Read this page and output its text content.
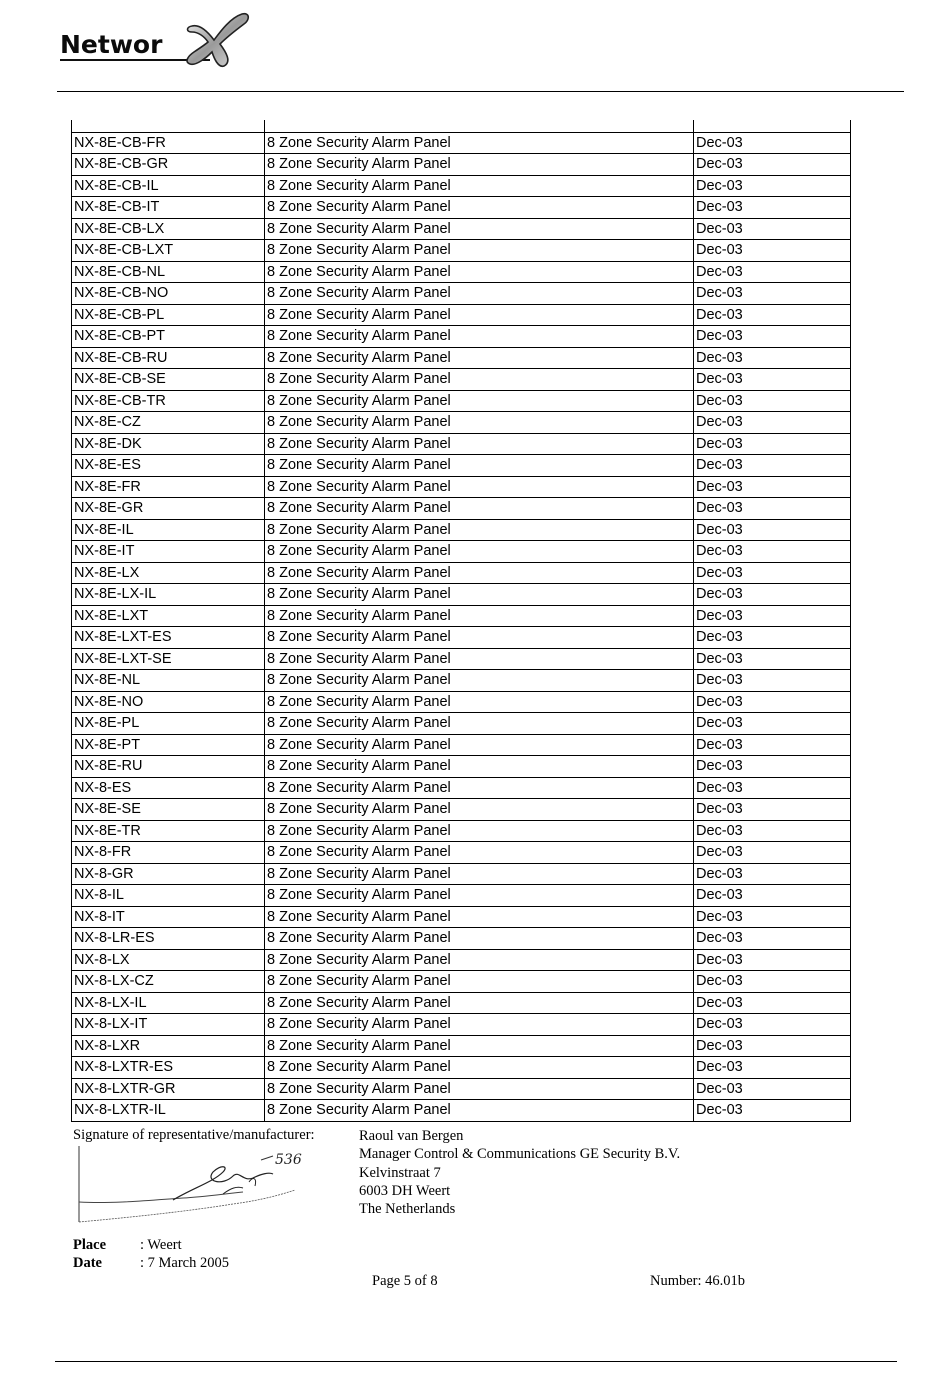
Networ

NX-8E-CB-FR	8 Zone Security Alarm Panel	Dec-03
NX-8E-CB-GR	8 Zone Security Alarm Panel	Dec-03
NX-8E-CB-IL	8 Zone Security Alarm Panel	Dec-03
NX-8E-CB-IT	8 Zone Security Alarm Panel	Dec-03
NX-8E-CB-LX	8 Zone Security Alarm Panel	Dec-03
NX-8E-CB-LXT	8 Zone Security Alarm Panel	Dec-03
NX-8E-CB-NL	8 Zone Security Alarm Panel	Dec-03
NX-8E-CB-NO	8 Zone Security Alarm Panel	Dec-03
NX-8E-CB-PL	8 Zone Security Alarm Panel	Dec-03
NX-8E-CB-PT	8 Zone Security Alarm Panel	Dec-03
NX-8E-CB-RU	8 Zone Security Alarm Panel	Dec-03
NX-8E-CB-SE	8 Zone Security Alarm Panel	Dec-03
NX-8E-CB-TR	8 Zone Security Alarm Panel	Dec-03
NX-8E-CZ	8 Zone Security Alarm Panel	Dec-03
NX-8E-DK	8 Zone Security Alarm Panel	Dec-03
NX-8E-ES	8 Zone Security Alarm Panel	Dec-03
NX-8E-FR	8 Zone Security Alarm Panel	Dec-03
NX-8E-GR	8 Zone Security Alarm Panel	Dec-03
NX-8E-IL	8 Zone Security Alarm Panel	Dec-03
NX-8E-IT	8 Zone Security Alarm Panel	Dec-03
NX-8E-LX	8 Zone Security Alarm Panel	Dec-03
NX-8E-LX-IL	8 Zone Security Alarm Panel	Dec-03
NX-8E-LXT	8 Zone Security Alarm Panel	Dec-03
NX-8E-LXT-ES	8 Zone Security Alarm Panel	Dec-03
NX-8E-LXT-SE	8 Zone Security Alarm Panel	Dec-03
NX-8E-NL	8 Zone Security Alarm Panel	Dec-03
NX-8E-NO	8 Zone Security Alarm Panel	Dec-03
NX-8E-PL	8 Zone Security Alarm Panel	Dec-03
NX-8E-PT	8 Zone Security Alarm Panel	Dec-03
NX-8E-RU	8 Zone Security Alarm Panel	Dec-03
NX-8-ES	8 Zone Security Alarm Panel	Dec-03
NX-8E-SE	8 Zone Security Alarm Panel	Dec-03
NX-8E-TR	8 Zone Security Alarm Panel	Dec-03
NX-8-FR	8 Zone Security Alarm Panel	Dec-03
NX-8-GR	8 Zone Security Alarm Panel	Dec-03
NX-8-IL	8 Zone Security Alarm Panel	Dec-03
NX-8-IT	8 Zone Security Alarm Panel	Dec-03
NX-8-LR-ES	8 Zone Security Alarm Panel	Dec-03
NX-8-LX	8 Zone Security Alarm Panel	Dec-03
NX-8-LX-CZ	8 Zone Security Alarm Panel	Dec-03
NX-8-LX-IL	8 Zone Security Alarm Panel	Dec-03
NX-8-LX-IT	8 Zone Security Alarm Panel	Dec-03
NX-8-LXR	8 Zone Security Alarm Panel	Dec-03
NX-8-LXTR-ES	8 Zone Security Alarm Panel	Dec-03
NX-8-LXTR-GR	8 Zone Security Alarm Panel	Dec-03
NX-8-LXTR-IL	8 Zone Security Alarm Panel	Dec-03
Signature of representative/manufacturer:
536
Raoul van Bergen
Manager Control & Communications GE Security B.V.
Kelvinstraat 7
6003 DH Weert
The Netherlands
Place : Weert
Date	: 7 March 2005
Page 5 of 8	Number: 46.01b
